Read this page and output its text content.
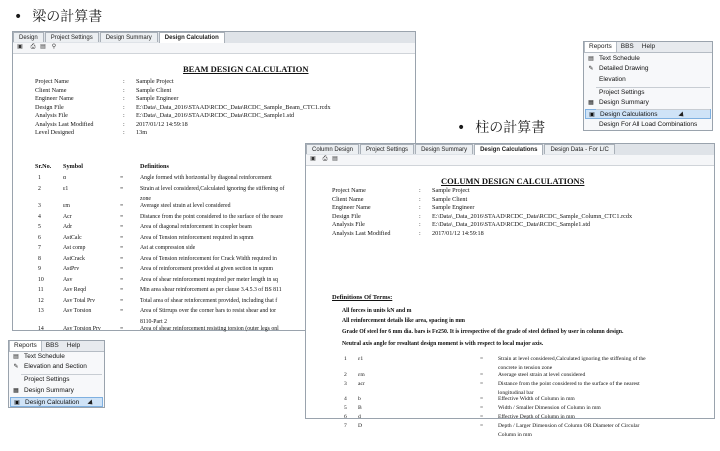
• 梁の計算書
• 柱の計算書
Design Project Settings Design Summary Design Calculation
▣ ⎙ ▤ ⚲
BEAM DESIGN CALCULATION
Project Name	: Sample Project
Client Name	: Sample Client
Engineer Name	: Sample Engineer
Design File	: E:\Data\_Data_2016\STAAD\RCDC_Data\RCDC_Sample_Beam_CTC1.rcdx
Analysis File	: E:\Data\_Data_2016\STAAD\RCDC_Data\RCDC_Sample1.std
Analysis Last Modified	: 2017/01/12 14:59:18
Level Designed	: 13m
Sr.No. Symbol	Definitions
1	α	=	Angle formed with horizontal by diagonal reinforcement
2	ε1	=	Strain at level considered,Calculated ignoring the stiffening of
zone
3	εm	=	Average steel strain at level considered
4	Acr	=	Distance from the point considered to the surface of the neare
5	Adr	=	Area of diagonal reinforcement in coupler beam
6	AstCalc	=	Area of Tension reinforcement required in sqmm
7	Ast comp	=	Ast at compression side
8	AstCrack	=	Area of Tension reinforcement for Crack Width required in
9	AstPrv	=	Area of reinforcement provided at given section in sqmm
10	Asv	=	Area of shear reinforcement required per meter length in sq
11	Asv Reqd	=	Min area shear reinforcement as per clause 3.4.5.3 of BS 811
12	Asv Total Prv	=	Total area of shear reinforcement provided, including that f
13	Asv Torsion	=	Area of Stirrups over the corner bars to resist shear and tor
8110-Part 2
14	Asv Torsion Prv	=	Area of shear reinforcement resisting torsion (outer legs onl
Column Design Project Settings Design Summary Design Calculations Design Data - For L/C
▣ ⎙ ▤
COLUMN DESIGN CALCULATIONS
Definitions Of Terms:
Project Name	: Sample Project
Client Name	: Sample Client
Engineer Name	: Sample Engineer
Design File	: E:\Data\_Data_2016\STAAD\RCDC_Data\RCDC_Sample_Column_CTC1.rcdx
Analysis File	: E:\Data\_Data_2016\STAAD\RCDC_Data\RCDC_Sample1.std
Analysis Last Modified	: 2017/01/12 14:59:18
All forces in units kN and m
All reinforcement details like area, spacing in mm
Grade Of steel for 6 mm dia. bars is Fe250. It is irrespective of the grade of steel defined by user in column design.
Neutral axis angle for resultant design moment is with respect to local major axis.
1 ε1	=	Strain at level considered,Calculated ignoring the stiffening of the
concrete in tension zone
2 εm	=	Average steel strain at level considered
3 acr	=	Distance from the point considered to the surface of the nearest
longitudinal bar
4 b	=	Effective Width of Column in mm
5 B	=	Width / Smaller Dimension of Column in mm
6 d	=	Effective Depth of Column in mm
7 D	=	Depth / Larger Dimension of Column OR Diameter of Circular
Column in mm
Reports BBS Help
▤ Text Schedule
✎ Detailed Drawing
Elevation
Project Settings
▦ Design Summary
▣ Design Calculations
Design For All Load Combinations
Reports BBS Help
▤ Text Schedule
✎ Elevation and Section
Project Settings
▦ Design Summary
▣ Design Calculation
